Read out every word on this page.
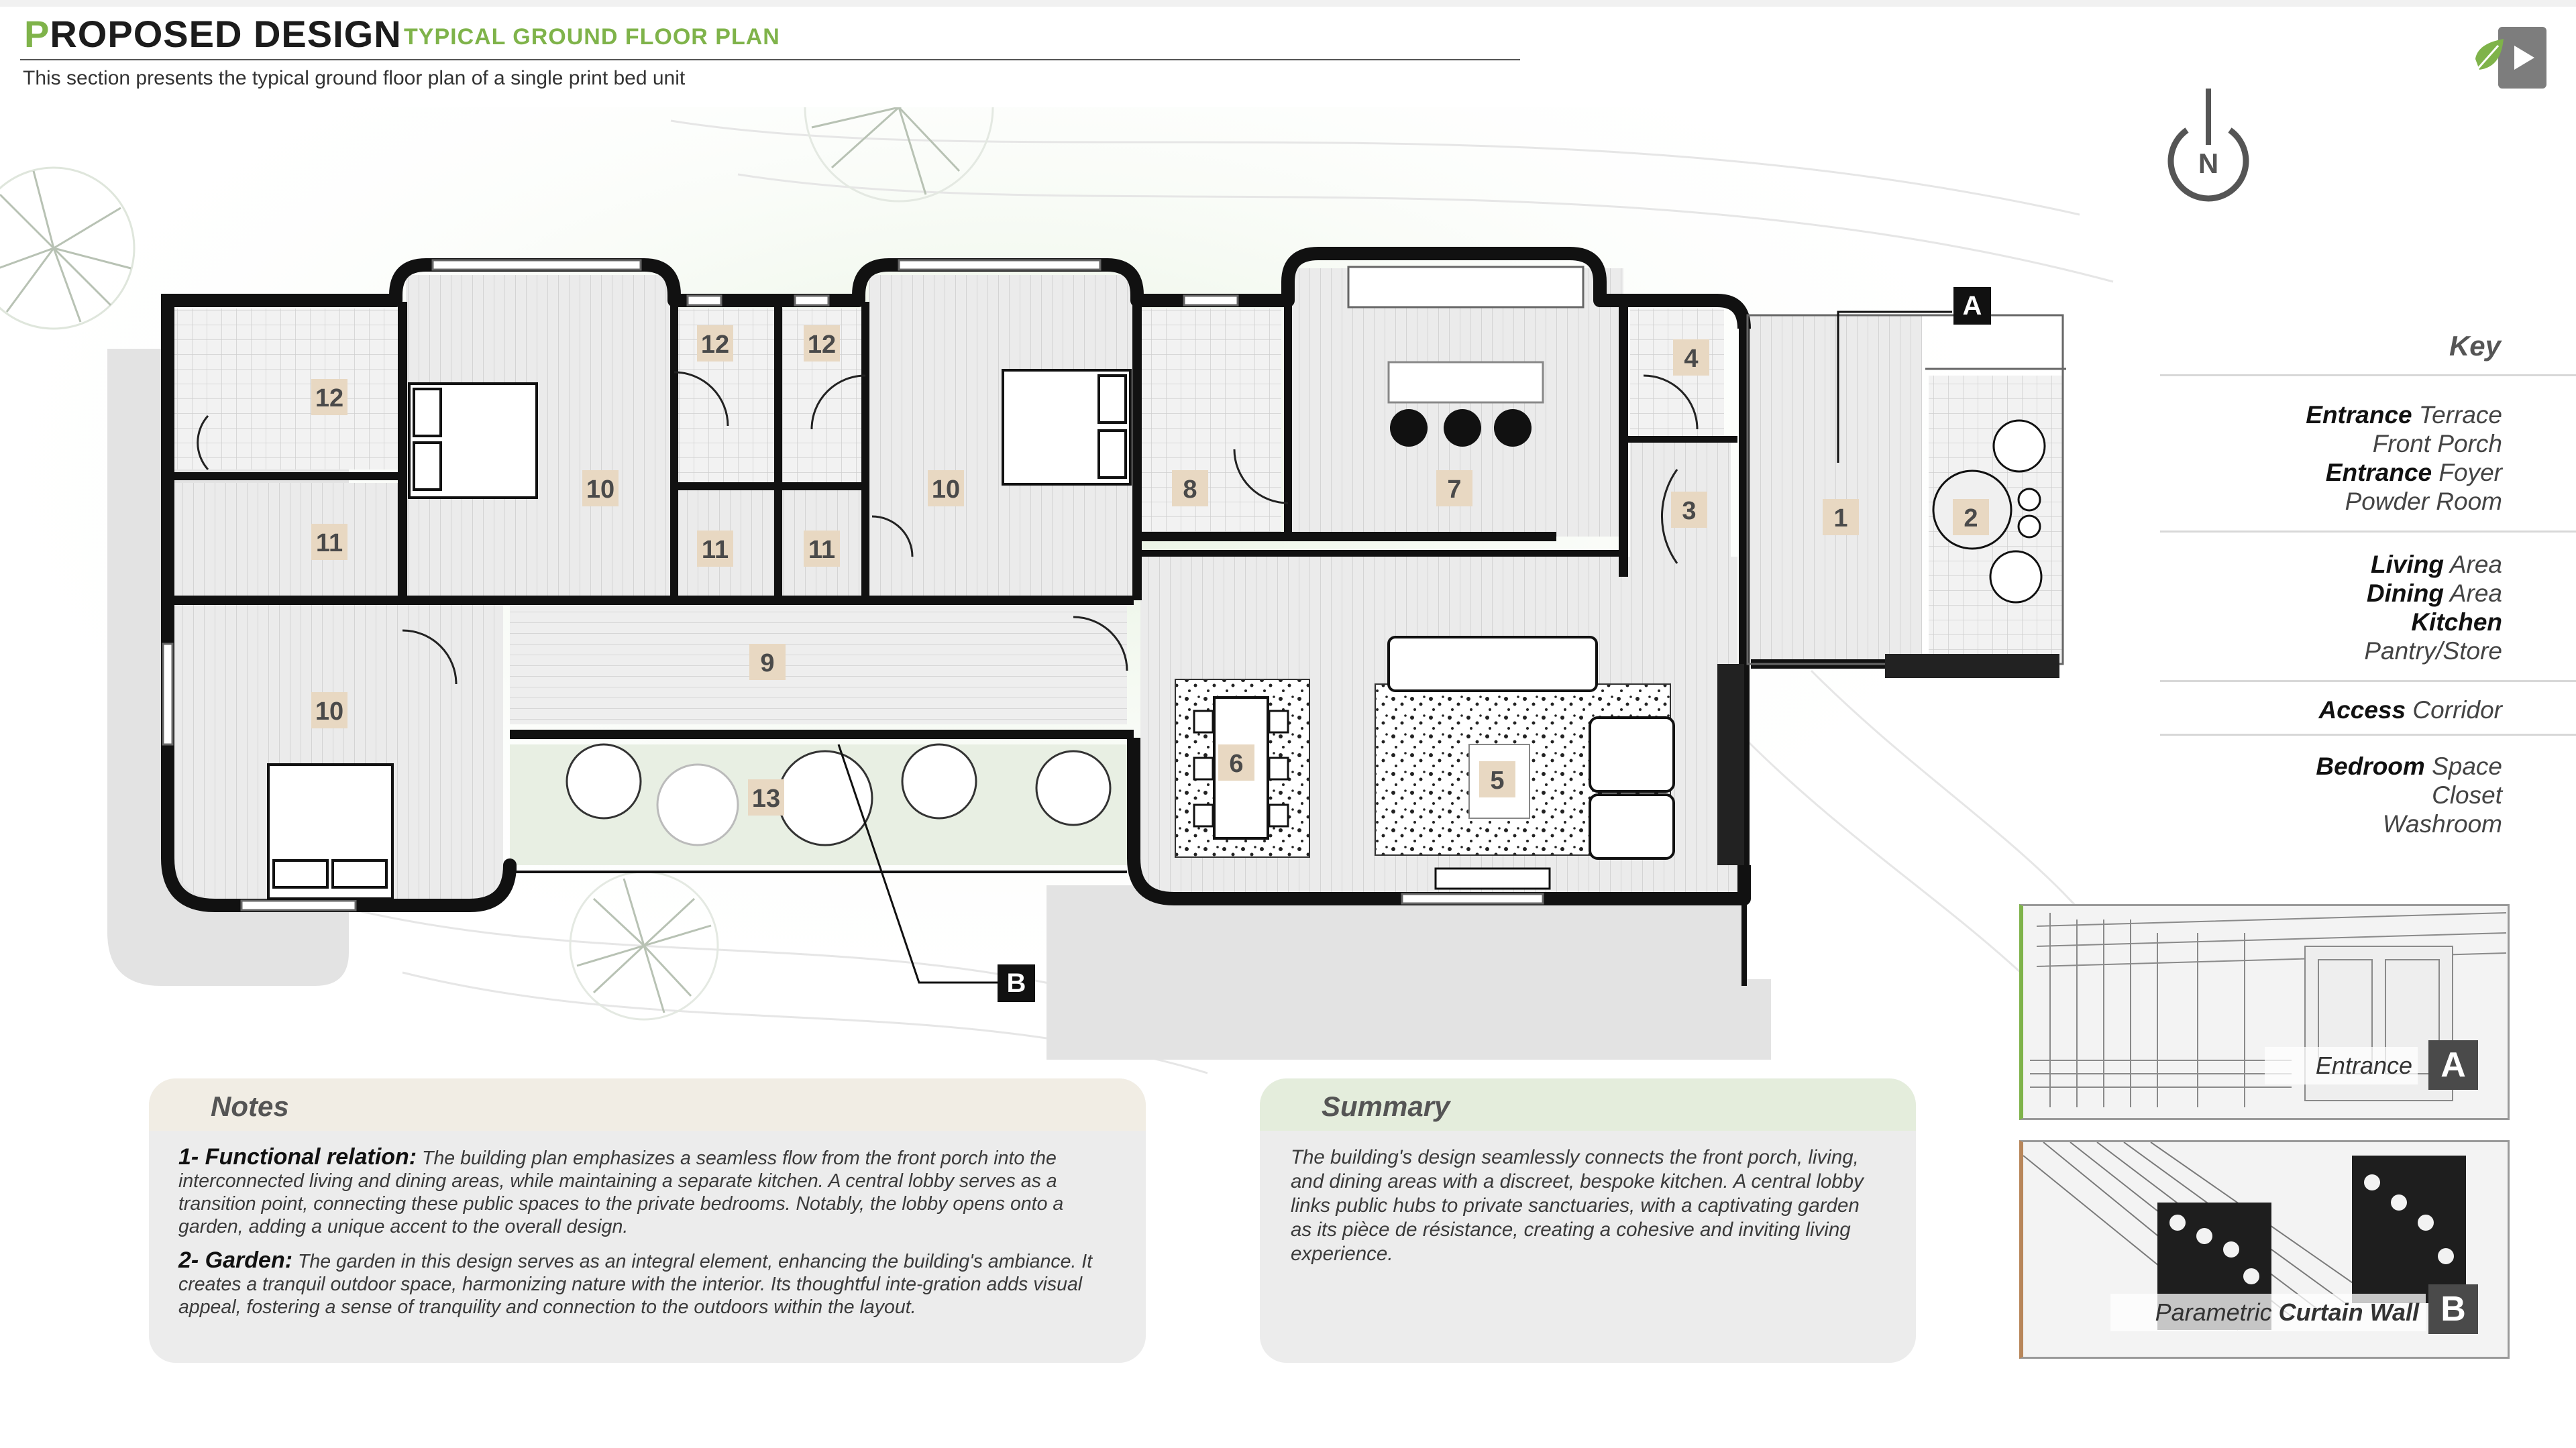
PROPOSED DESIGN TYPICAL GROUND FLOOR PLAN
This section presents the typical ground floor plan of a single print bed unit
N
1	2
3
4
5
6
7
8
9
10	10
10
11	11	11
12
12	12
13
A
B
Key
Entrance Terrace
Front Porch
Entrance Foyer
Powder Room
Living Area
Dining Area
Kitchen
Pantry/Store
Access Corridor
Bedroom Space
Closet
Washroom
Entrance A
Parametric Curtain Wall B
Notes

1- Functional relation: The building plan emphasizes a seamless flow from the front porch into the interconnected living and dining areas, while maintaining a separate kitchen. A central lobby serves as a transition point, connecting these public spaces to the private bedrooms. Notably, the lobby opens onto a garden, adding a unique accent to the overall design.

2- Garden: The garden in this design serves as an integral element, enhancing the building's ambiance. It creates a tranquil outdoor space, harmonizing nature with the interior. Its thoughtful inte-gration adds visual appeal, fostering a sense of tranquility and connection to the outdoors within the layout.

Summary
The building's design seamlessly connects the front porch, living, and dining areas with a discreet, bespoke kitchen. A central lobby links public hubs to private sanctuaries, with a captivating garden as its pièce de résistance, creating a cohesive and inviting living experience.
